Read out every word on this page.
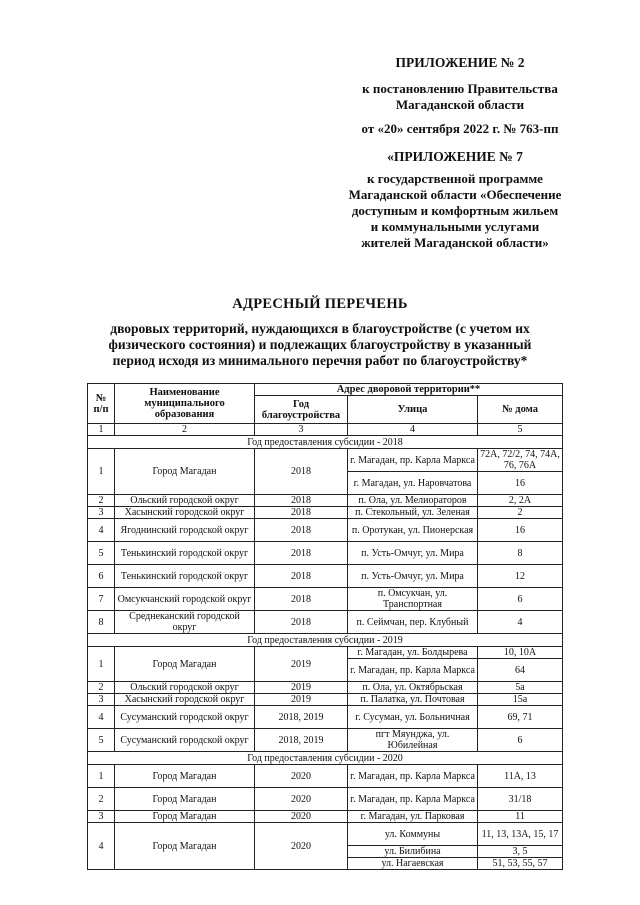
ПРИЛОЖЕНИЕ № 2
к постановлению Правительства
Магаданской области
от «20» сентября 2022 г. № 763-пп
«ПРИЛОЖЕНИЕ № 7
к государственной программе
Магаданской области «Обеспечение
доступным и комфортным жильем
и коммунальными услугами
жителей Магаданской области»
АДРЕСНЫЙ ПЕРЕЧЕНЬ
дворовых территорий, нуждающихся в благоустройстве (с учетом их
физического состояния) и подлежащих благоустройству в указанный
период исходя из минимального перечня работ по благоустройству*
№ п/п	Наименование муниципального образования	Адрес дворовой территории**		
		Год благоустройства	Улица	№ дома
1	2	3	4	5
Год предоставления субсидии - 2018				
1	Город Магадан	2018	г. Магадан, пр. Карла Маркса	72А, 72/2, 74, 74А, 76, 76А
			г. Магадан, ул. Наровчатова	16
2	Ольский городской округ	2018	п. Ола, ул. Мелиораторов	2, 2А
3	Хасынский городской округ	2018	п. Стекольный, ул. Зеленая	2
4	Ягоднинский городской округ	2018	п. Оротукан, ул. Пионерская	16
5	Тенькинский городской округ	2018	п. Усть-Омчуг, ул. Мира	8
6	Тенькинский городской округ	2018	п. Усть-Омчуг, ул. Мира	12
7	Омсукчанский городской округ	2018	п. Омсукчан, ул. Транспортная	6
8	Среднеканский городской округ	2018	п. Сеймчан, пер. Клубный	4
Год предоставления субсидии - 2019				
1	Город Магадан	2019	г. Магадан, ул. Болдырева	10, 10А
			г. Магадан, пр. Карла Маркса	64
2	Ольский городской округ	2019	п. Ола, ул. Октябрьская	5а
3	Хасынский городской округ	2019	п. Палатка, ул. Почтовая	15а
4	Сусуманский городской округ	2018, 2019	г. Сусуман, ул. Больничная	69, 71
5	Сусуманский городской округ	2018, 2019	пгт Мяунджа, ул. Юбилейная	6
Год предоставления субсидии - 2020				
1	Город Магадан	2020	г. Магадан, пр. Карла Маркса	11А, 13
2	Город Магадан	2020	г. Магадан, пр. Карла Маркса	31/18
3	Город Магадан	2020	г. Магадан, ул. Парковая	11
4	Город Магадан	2020	ул. Коммуны	11, 13, 13А, 15, 17
			ул. Билибина	3, 5
			ул. Нагаевская	51, 53, 55, 57
